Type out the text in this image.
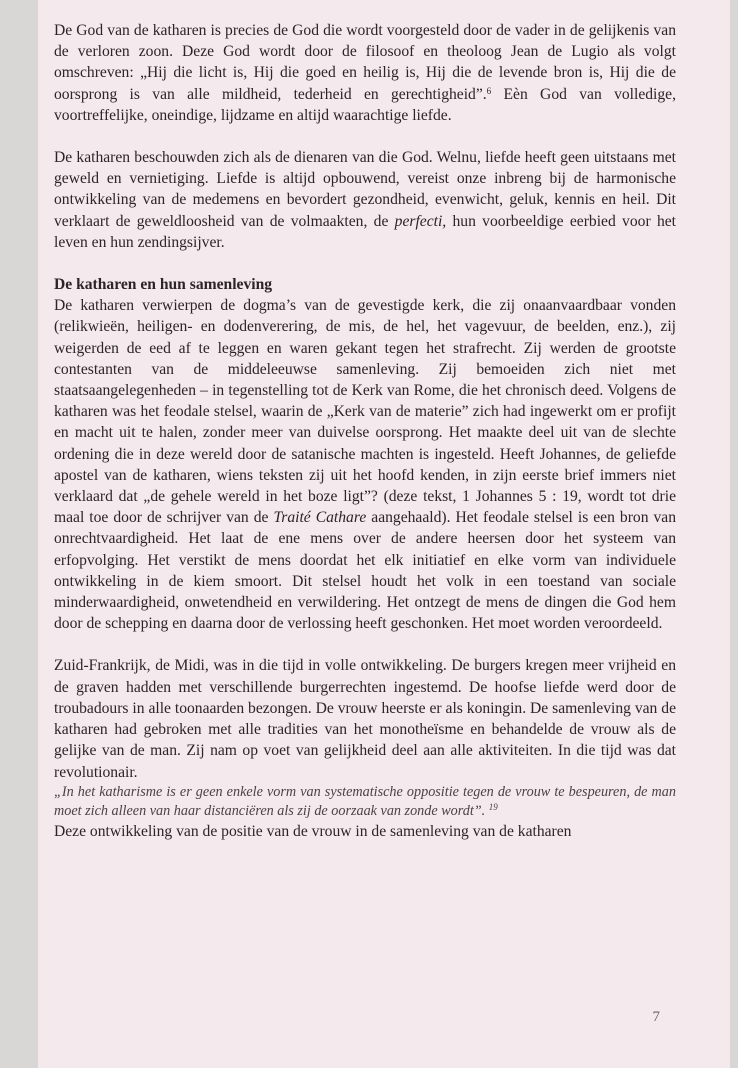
De God van de katharen is precies de God die wordt voorgesteld door de vader in de gelijkenis van de verloren zoon. Deze God wordt door de filosoof en theoloog Jean de Lugio als volgt omschreven: „Hij die licht is, Hij die goed en heilig is, Hij die de levende bron is, Hij die de oorsprong is van alle mildheid, tederheid en gerechtigheid”.$^6$ Eèn God van volledige, voortreffelijke, oneindige, lijdzame en altijd waarachtige liefde.

De katharen beschouwden zich als de dienaren van die God. Welnu, liefde heeft geen uitstaans met geweld en vernietiging. Liefde is altijd opbouwend, vereist onze inbreng bij de harmonische ontwikkeling van de medemens en bevordert gezondheid, evenwicht, geluk, kennis en heil. Dit verklaart de geweldloosheid van de volmaakten, de perfecti, hun voorbeeldige eerbied voor het leven en hun zendingsijver.

De katharen en hun samenleving

De katharen verwierpen de dogma’s van de gevestigde kerk, die zij onaanvaardbaar vonden (relikwieën, heiligen- en dodenverering, de mis, de hel, het vagevuur, de beelden, enz.), zij weigerden de eed af te leggen en waren gekant tegen het strafrecht. Zij werden de grootste contestanten van de middeleeuwse samenleving. Zij bemoeiden zich niet met staatsaangelegenheden – in tegenstelling tot de Kerk van Rome, die het chronisch deed. Volgens de katharen was het feodale stelsel, waarin de „Kerk van de materie” zich had ingewerkt om er profijt en macht uit te halen, zonder meer van duivelse oorsprong. Het maakte deel uit van de slechte ordening die in deze wereld door de satanische machten is ingesteld. Heeft Johannes, de geliefde apostel van de katharen, wiens teksten zij uit het hoofd kenden, in zijn eerste brief immers niet verklaard dat „de gehele wereld in het boze ligt”? (deze tekst, 1 Johannes 5 : 19, wordt tot drie maal toe door de schrijver van de Traité Cathare aangehaald). Het feodale stelsel is een bron van onrechtvaardigheid. Het laat de ene mens over de andere heersen door het systeem van erfopvolging. Het verstikt de mens doordat het elk initiatief en elke vorm van individuele ontwikkeling in de kiem smoort. Dit stelsel houdt het volk in een toestand van sociale minderwaardigheid, onwetendheid en verwildering. Het ontzegt de mens de dingen die God hem door de schepping en daarna door de verlossing heeft geschonken. Het moet worden veroordeeld.

Zuid-Frankrijk, de Midi, was in die tijd in volle ontwikkeling. De burgers kregen meer vrijheid en de graven hadden met verschillende burgerrechten ingestemd. De hoofse liefde werd door de troubadours in alle toonaarden bezongen. De vrouw heerste er als koningin. De samenleving van de katharen had gebroken met alle tradities van het monotheïsme en behandelde de vrouw als de gelijke van de man. Zij nam op voet van gelijkheid deel aan alle aktiviteiten. In die tijd was dat revolutionair.

„In het katharisme is er geen enkele vorm van systematische oppositie tegen de vrouw te bespeuren, de man moet zich alleen van haar distanciëren als zij de oorzaak van zonde wordt”. $^{19}$

Deze ontwikkeling van de positie van de vrouw in de samenleving van de katharen

7
